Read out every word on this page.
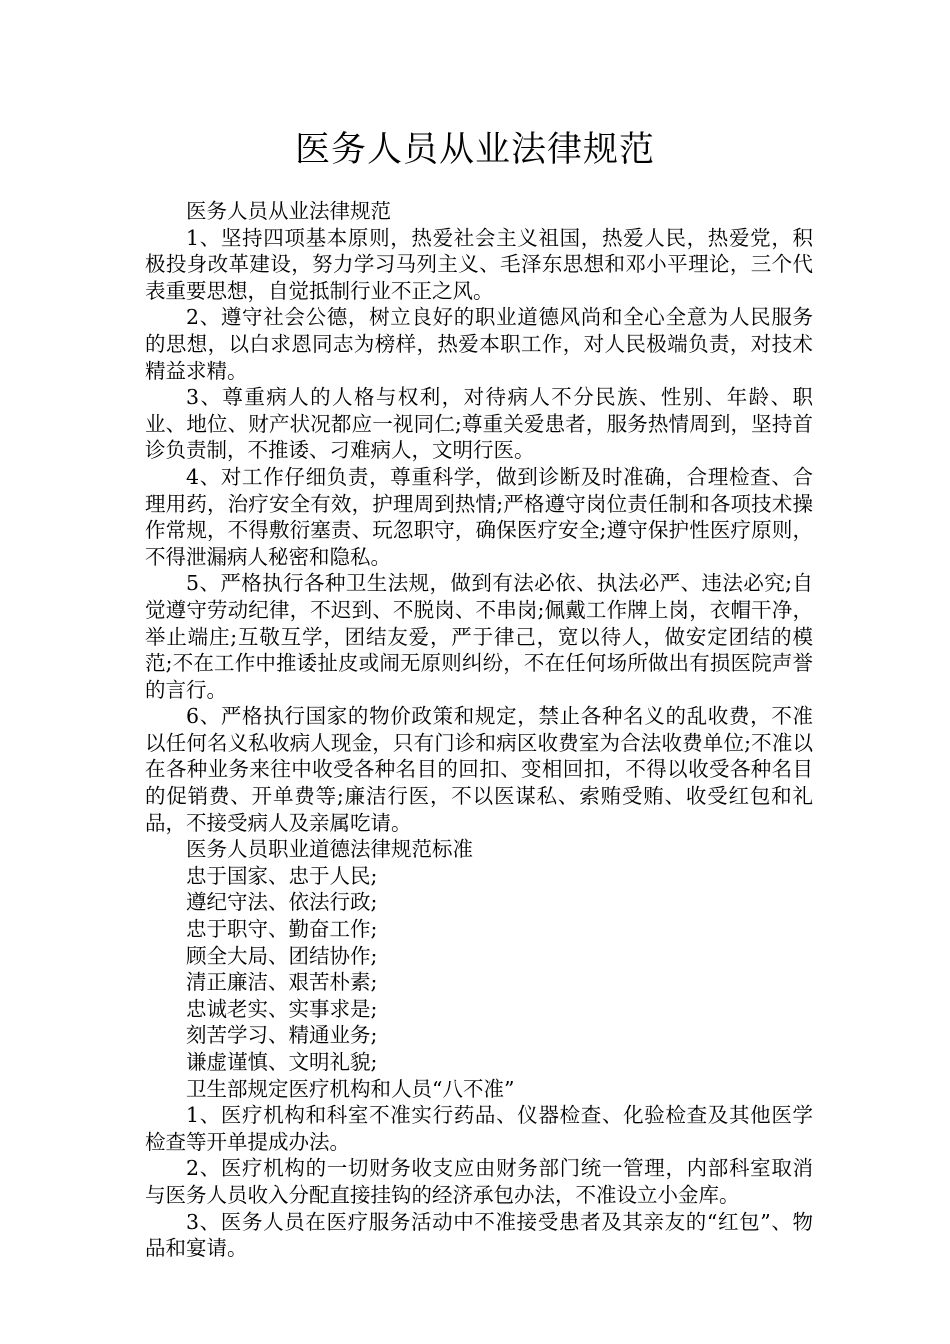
医务人员从业法律规范

医务人员从业法律规范

1、坚持四项基本原则，热爱社会主义祖国，热爱人民，热爱党，积极投身改革建设，努力学习马列主义、毛泽东思想和邓小平理论，三个代表重要思想，自觉抵制行业不正之风。

2、遵守社会公德，树立良好的职业道德风尚和全心全意为人民服务的思想，以白求恩同志为榜样，热爱本职工作，对人民极端负责，对技术精益求精。

3、尊重病人的人格与权利，对待病人不分民族、性别、年龄、职业、地位、财产状况都应一视同仁;尊重关爱患者，服务热情周到，坚持首诊负责制，不推诿、刁难病人，文明行医。

4、对工作仔细负责，尊重科学，做到诊断及时准确，合理检查、合理用药，治疗安全有效，护理周到热情;严格遵守岗位责任制和各项技术操作常规，不得敷衍塞责、玩忽职守，确保医疗安全;遵守保护性医疗原则，不得泄漏病人秘密和隐私。

5、严格执行各种卫生法规，做到有法必依、执法必严、违法必究;自觉遵守劳动纪律，不迟到、不脱岗、不串岗;佩戴工作牌上岗，衣帽干净，举止端庄;互敬互学，团结友爱，严于律己，宽以待人，做安定团结的模范;不在工作中推诿扯皮或闹无原则纠纷，不在任何场所做出有损医院声誉的言行。

6、严格执行国家的物价政策和规定，禁止各种名义的乱收费，不准以任何名义私收病人现金，只有门诊和病区收费室为合法收费单位;不准以在各种业务来往中收受各种名目的回扣、变相回扣，不得以收受各种名目的促销费、开单费等;廉洁行医，不以医谋私、索贿受贿、收受红包和礼品，不接受病人及亲属吃请。

医务人员职业道德法律规范标准

忠于国家、忠于人民;

遵纪守法、依法行政;

忠于职守、勤奋工作;

顾全大局、团结协作;

清正廉洁、艰苦朴素;

忠诚老实、实事求是;

刻苦学习、精通业务;

谦虚谨慎、文明礼貌;

卫生部规定医疗机构和人员“八不准”

1、医疗机构和科室不准实行药品、仪器检查、化验检查及其他医学检查等开单提成办法。

2、医疗机构的一切财务收支应由财务部门统一管理，内部科室取消与医务人员收入分配直接挂钩的经济承包办法，不准设立小金库。

3、医务人员在医疗服务活动中不准接受患者及其亲友的“红包”、物品和宴请。
